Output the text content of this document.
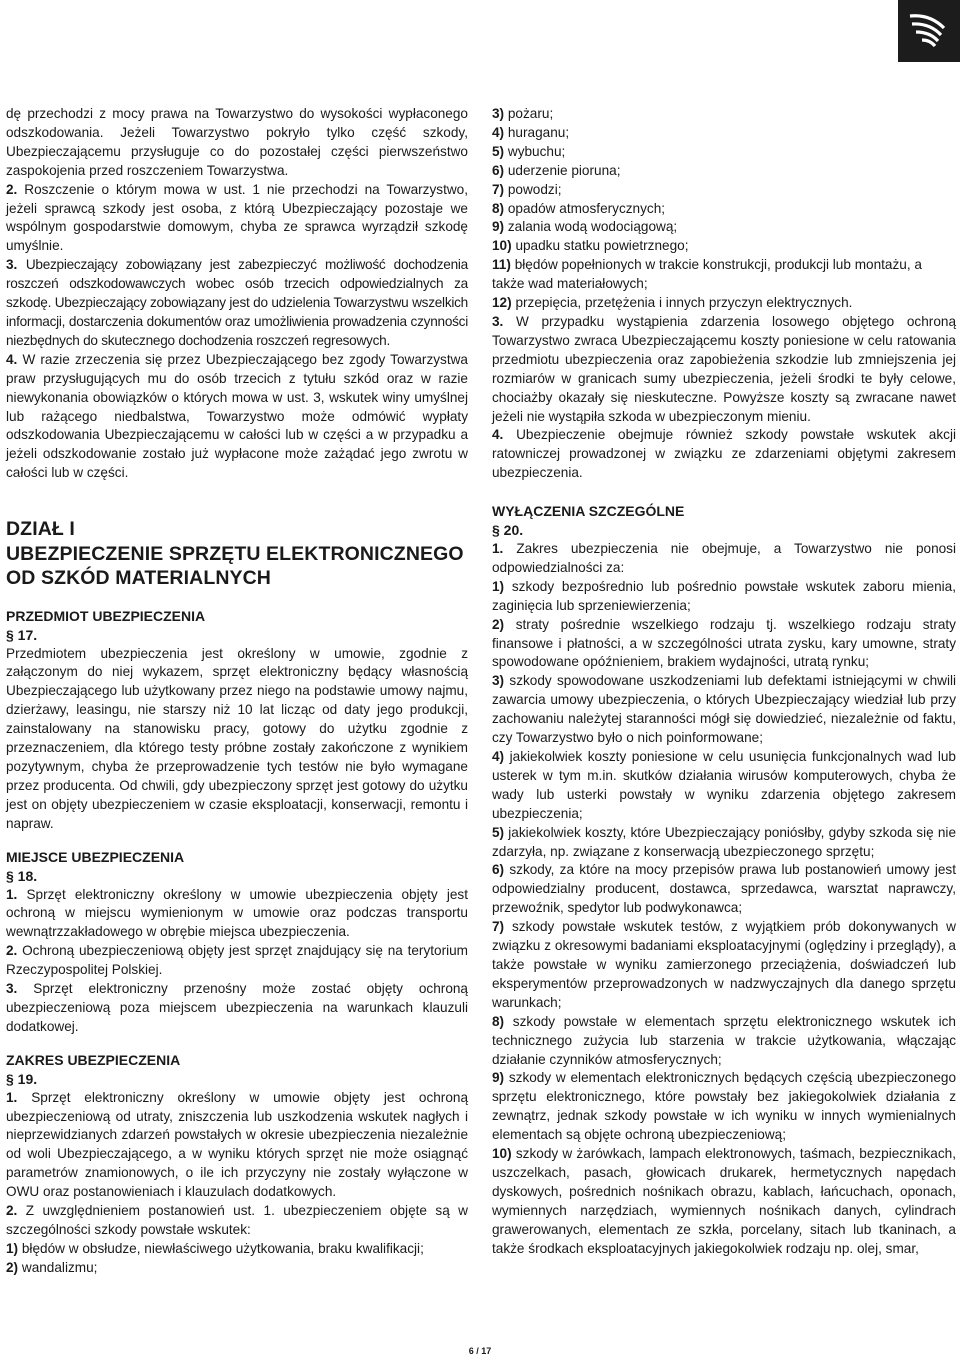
dę przechodzi z mocy prawa na Towarzystwo do wysokości wypłaconego odszkodowania. Jeżeli Towarzystwo pokryło tylko część szkody, Ubezpieczającemu przysługuje co do pozostałej części pierwszeństwo zaspokojenia przed roszczeniem Towarzystwa.

2. Roszczenie o którym mowa w ust. 1 nie przechodzi na Towarzystwo, jeżeli sprawcą szkody jest osoba, z którą Ubezpieczający pozostaje we wspólnym gospodarstwie domowym, chyba ze sprawca wyrządził szkodę umyślnie.

3. Ubezpieczający zobowiązany jest zabezpieczyć możliwość dochodzenia roszczeń odszkodowawczych wobec osób trzecich odpowiedzialnych za szkodę. Ubezpieczający zobowiązany jest do udzielenia Towarzystwu wszelkich informacji, dostarczenia dokumentów oraz umożliwienia prowadzenia czynności niezbędnych do skutecznego dochodzenia roszczeń regresowych.

4. W razie zrzeczenia się przez Ubezpieczającego bez zgody Towarzystwa praw przysługujących mu do osób trzecich z tytułu szkód oraz w razie niewykonania obowiązków o których mowa w ust. 3, wskutek winy umyślnej lub rażącego niedbalstwa, Towarzystwo może odmówić wypłaty odszkodowania Ubezpieczającemu w całości lub w części a w przypadku a jeżeli odszkodowanie zostało już wypłacone może zażądać jego zwrotu w całości lub w części.

DZIAŁ I
UBEZPIECZENIE SPRZĘTU ELEKTRONICZNEGO
OD SZKÓD MATERIALNYCH

PRZEDMIOT UBEZPIECZENIA

§ 17.

Przedmiotem ubezpieczenia jest określony w umowie, zgodnie z załączonym do niej wykazem, sprzęt elektroniczny będący własnością Ubezpieczającego lub użytkowany przez niego na podstawie umowy najmu, dzierżawy, leasingu, nie starszy niż 10 lat licząc od daty jego produkcji, zainstalowany na stanowisku pracy, gotowy do użytku zgodnie z przeznaczeniem, dla którego testy próbne zostały zakończone z wynikiem pozytywnym, chyba że przeprowadzenie tych testów nie było wymagane przez producenta. Od chwili, gdy ubezpieczony sprzęt jest gotowy do użytku jest on objęty ubezpieczeniem w czasie eksploatacji, konserwacji, remontu i napraw.

MIEJSCE UBEZPIECZENIA

§ 18.

1. Sprzęt elektroniczny określony w umowie ubezpieczenia objęty jest ochroną w miejscu wymienionym w umowie oraz podczas transportu wewnątrzzakładowego w obrębie miejsca ubezpieczenia.

2. Ochroną ubezpieczeniową objęty jest sprzęt znajdujący się na terytorium Rzeczypospolitej Polskiej.

3. Sprzęt elektroniczny przenośny może zostać objęty ochroną ubezpieczeniową poza miejscem ubezpieczenia na warunkach klauzuli dodatkowej.

ZAKRES UBEZPIECZENIA

§ 19.

1. Sprzęt elektroniczny określony w umowie objęty jest ochroną ubezpieczeniową od utraty, zniszczenia lub uszkodzenia wskutek nagłych i nieprzewidzianych zdarzeń powstałych w okresie ubezpieczenia niezależnie od woli Ubezpieczającego, a w wyniku których sprzęt nie może osiągnąć parametrów znamionowych, o ile ich przyczyny nie zostały wyłączone w OWU oraz postanowieniach i klauzulach dodatkowych.

2. Z uwzględnieniem postanowień ust. 1. ubezpieczeniem objęte są w szczególności szkody powstałe wskutek:

1) błędów w obsłudze, niewłaściwego użytkowania, braku kwalifikacji;

2) wandalizmu;

3) pożaru;

4) huraganu;

5) wybuchu;

6) uderzenie pioruna;

7) powodzi;

8) opadów atmosferycznych;

9) zalania wodą wodociągową;

10) upadku statku powietrznego;

11) błędów popełnionych w trakcie konstrukcji, produkcji lub montażu, a także wad materiałowych;

12) przepięcia, przetężenia i innych przyczyn elektrycznych.

3. W przypadku wystąpienia zdarzenia losowego objętego ochroną Towarzystwo zwraca Ubezpieczającemu koszty poniesione w celu ratowania przedmiotu ubezpieczenia oraz zapobieżenia szkodzie lub zmniejszenia jej rozmiarów w granicach sumy ubezpieczenia, jeżeli środki te były celowe, chociażby okazały się nieskuteczne. Powyższe koszty są zwracane nawet jeżeli nie wystąpiła szkoda w ubezpieczonym mieniu.

4. Ubezpieczenie obejmuje również szkody powstałe wskutek akcji ratowniczej prowadzonej w związku ze zdarzeniami objętymi zakresem ubezpieczenia.

WYŁĄCZENIA SZCZEGÓLNE

§ 20.

1. Zakres ubezpieczenia nie obejmuje, a Towarzystwo nie ponosi odpowiedzialności za:

1) szkody bezpośrednio lub pośrednio powstałe wskutek zaboru mienia, zaginięcia lub sprzeniewierzenia;

2) straty pośrednie wszelkiego rodzaju tj. wszelkiego rodzaju straty finansowe i płatności, a w szczególności utrata zysku, kary umowne, straty spowodowane opóźnieniem, brakiem wydajności, utratą rynku;

3) szkody spowodowane uszkodzeniami lub defektami istniejącymi w chwili zawarcia umowy ubezpieczenia, o których Ubezpieczający wiedział lub przy zachowaniu należytej staranności mógł się dowiedzieć, niezależnie od faktu, czy Towarzystwo było o nich poinformowane;

4) jakiekolwiek koszty poniesione w celu usunięcia funkcjonalnych wad lub usterek w tym m.in. skutków działania wirusów komputerowych, chyba że wady lub usterki powstały w wyniku zdarzenia objętego zakresem ubezpieczenia;

5) jakiekolwiek koszty, które Ubezpieczający poniósłby, gdyby szkoda się nie zdarzyła, np. związane z konserwacją ubezpieczonego sprzętu;

6) szkody, za które na mocy przepisów prawa lub postanowień umowy jest odpowiedzialny producent, dostawca, sprzedawca, warsztat naprawczy, przewoźnik, spedytor lub podwykonawca;

7) szkody powstałe wskutek testów, z wyjątkiem prób dokonywanych w związku z okresowymi badaniami eksploatacyjnymi (oględziny i przeglądy), a także powstałe w wyniku zamierzonego przeciążenia, doświadczeń lub eksperymentów przeprowadzonych w nadzwyczajnych dla danego sprzętu warunkach;

8) szkody powstałe w elementach sprzętu elektronicznego wskutek ich technicznego zużycia lub starzenia w trakcie użytkowania, włączając działanie czynników atmosferycznych;

9) szkody w elementach elektronicznych będących częścią ubezpieczonego sprzętu elektronicznego, które powstały bez jakiegokolwiek działania z zewnątrz, jednak szkody powstałe w ich wyniku w innych wymienialnych elementach są objęte ochroną ubezpieczeniową;

10) szkody w żarówkach, lampach elektronowych, taśmach, bezpiecznikach, uszczelkach, pasach, głowicach drukarek, hermetycznych napędach dyskowych, pośrednich nośnikach obrazu, kablach, łańcuchach, oponach, wymiennych narzędziach, wymiennych nośnikach danych, cylindrach grawerowanych, elementach ze szkła, porcelany, sitach lub tkaninach, a także środkach eksploatacyjnych jakiegokolwiek rodzaju np. olej, smar,

6 / 17
